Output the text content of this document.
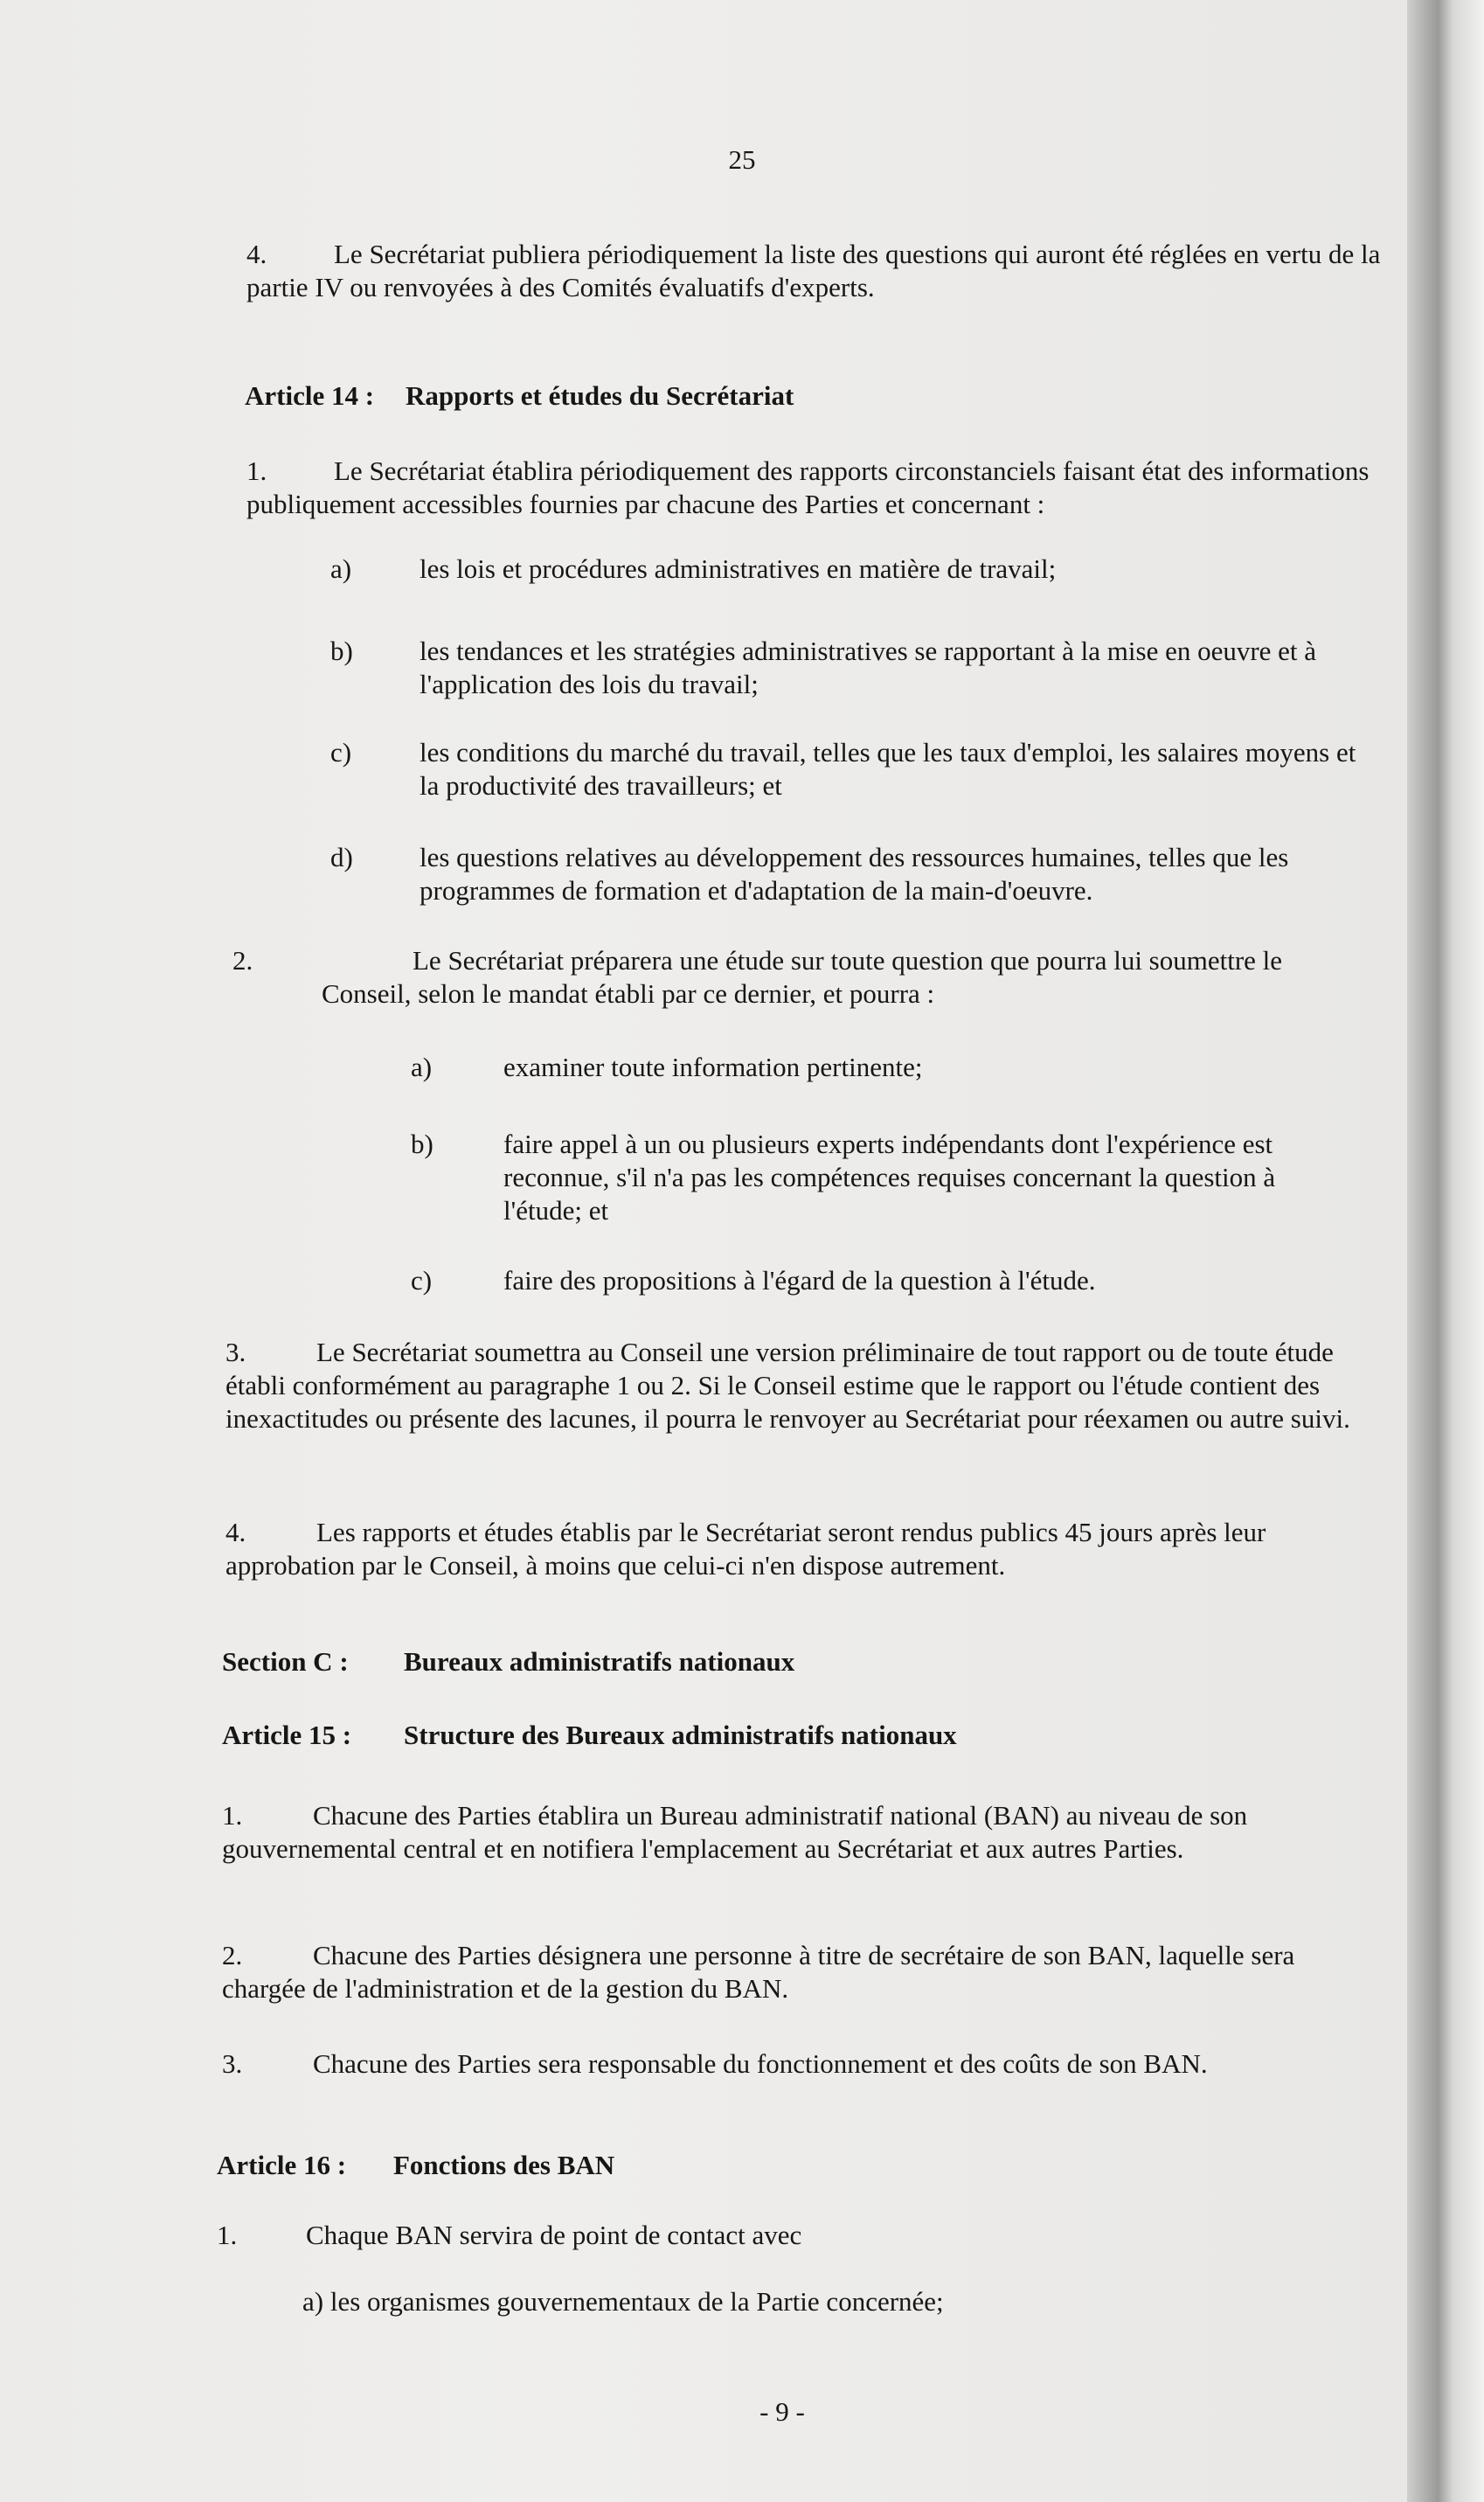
25
4.	Le Secrétariat publiera périodiquement la liste des questions qui auront été réglées en vertu de la partie IV ou renvoyées à des Comités évaluatifs d'experts.
Article 14 : Rapports et études du Secrétariat
1.	Le Secrétariat établira périodiquement des rapports circonstanciels faisant état des informations publiquement accessibles fournies par chacune des Parties et concernant :
a)	les lois et procédures administratives en matière de travail;
b) les tendances et les stratégies administratives se rapportant à la mise en oeuvre et à l'application des lois du travail;
c)	les conditions du marché du travail, telles que les taux d'emploi, les salaires moyens et la productivité des travailleurs; et
d) les questions relatives au développement des ressources humaines, telles que les programmes de formation et d'adaptation de la main-d'oeuvre.
2.	Le Secrétariat préparera une étude sur toute question que pourra lui soumettre le Conseil, selon le mandat établi par ce dernier, et pourra :
a)	examiner toute information pertinente;
b)	faire appel à un ou plusieurs experts indépendants dont l'expérience est reconnue, s'il n'a pas les compétences requises concernant la question à l'étude; et
c)	faire des propositions à l'égard de la question à l'étude.
3.	Le Secrétariat soumettra au Conseil une version préliminaire de tout rapport ou de toute étude établi conformément au paragraphe 1 ou 2. Si le Conseil estime que le rapport ou l'étude contient des inexactitudes ou présente des lacunes, il pourra le renvoyer au Secrétariat pour réexamen ou autre suivi.
4.	Les rapports et études établis par le Secrétariat seront rendus publics 45 jours après leur approbation par le Conseil, à moins que celui-ci n'en dispose autrement.
Section C : Bureaux administratifs nationaux
Article 15 : Structure des Bureaux administratifs nationaux
1.	Chacune des Parties établira un Bureau administratif national (BAN) au niveau de son gouvernemental central et en notifiera l'emplacement au Secrétariat et aux autres Parties.
2.	Chacune des Parties désignera une personne à titre de secrétaire de son BAN, laquelle sera chargée de l'administration et de la gestion du BAN.
3.	Chacune des Parties sera responsable du fonctionnement et des coûts de son BAN.
Article 16 : Fonctions des BAN
1.	Chaque BAN servira de point de contact avec
a) les organismes gouvernementaux de la Partie concernée;
- 9 -
